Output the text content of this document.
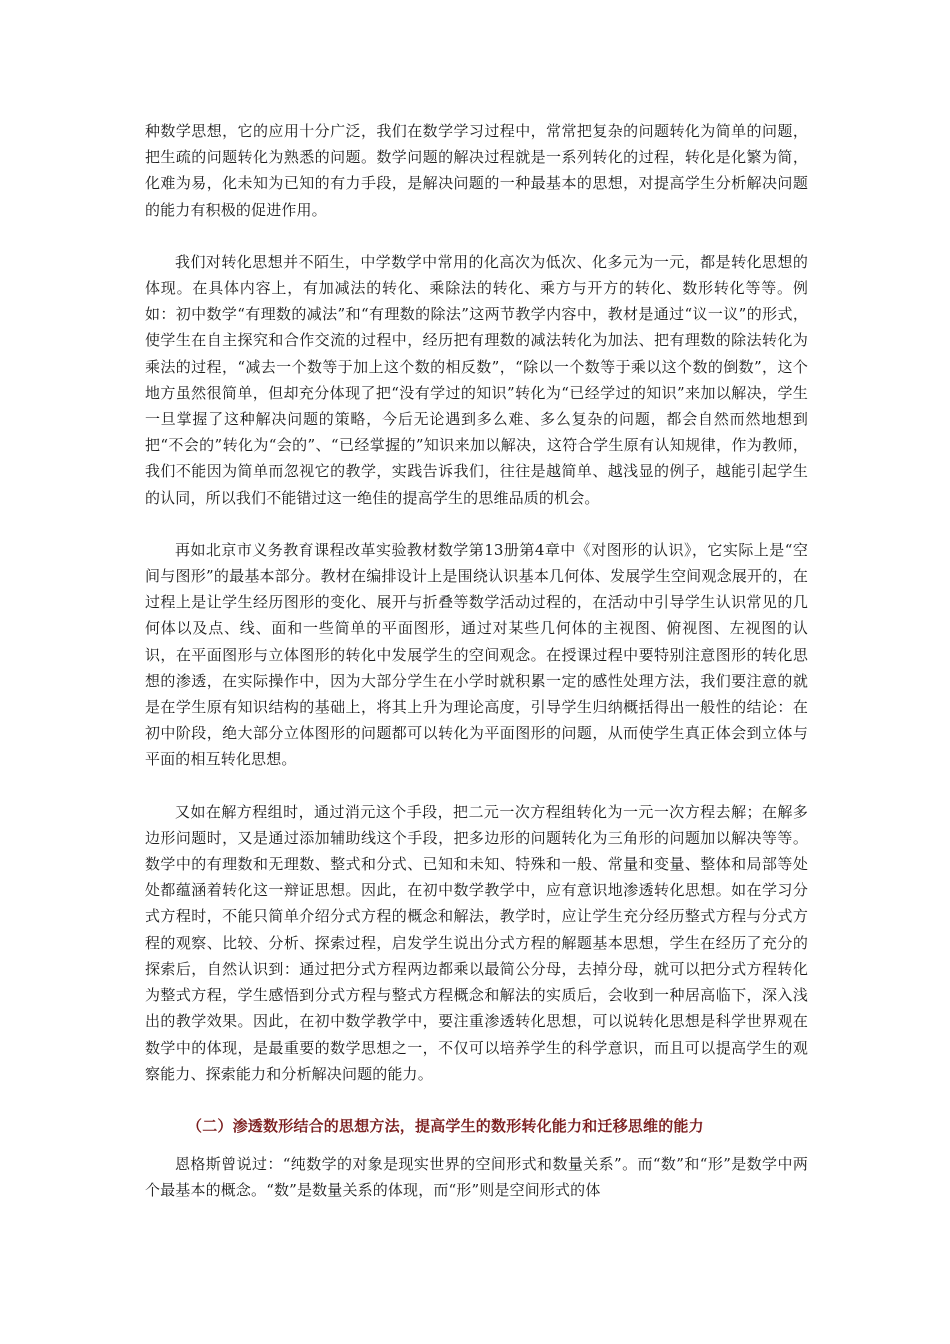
种数学思想，它的应用十分广泛，我们在数学学习过程中，常常把复杂的问题转化为简单的问题，把生疏的问题转化为熟悉的问题。数学问题的解决过程就是一系列转化的过程，转化是化繁为简，化难为易，化未知为已知的有力手段，是解决问题的一种最基本的思想，对提高学生分析解决问题的能力有积极的促进作用。

我们对转化思想并不陌生，中学数学中常用的化高次为低次、化多元为一元，都是转化思想的体现。在具体内容上，有加减法的转化、乘除法的转化、乘方与开方的转化、数形转化等等。例如：初中数学“有理数的减法”和“有理数的除法”这两节教学内容中，教材是通过“议一议”的形式，使学生在自主探究和合作交流的过程中，经历把有理数的减法转化为加法、把有理数的除法转化为乘法的过程，“减去一个数等于加上这个数的相反数”，“除以一个数等于乘以这个数的倒数”，这个地方虽然很简单，但却充分体现了把“没有学过的知识”转化为“已经学过的知识”来加以解决，学生一旦掌握了这种解决问题的策略，今后无论遇到多么难、多么复杂的问题，都会自然而然地想到把“不会的”转化为“会的”、“已经掌握的”知识来加以解决，这符合学生原有认知规律，作为教师，我们不能因为简单而忽视它的教学，实践告诉我们，往往是越简单、越浅显的例子，越能引起学生的认同，所以我们不能错过这一绝佳的提高学生的思维品质的机会。

再如北京市义务教育课程改革实验教材数学第13册第4章中《对图形的认识》，它实际上是“空间与图形”的最基本部分。教材在编排设计上是围绕认识基本几何体、发展学生空间观念展开的，在过程上是让学生经历图形的变化、展开与折叠等数学活动过程的，在活动中引导学生认识常见的几何体以及点、线、面和一些简单的平面图形，通过对某些几何体的主视图、俯视图、左视图的认识，在平面图形与立体图形的转化中发展学生的空间观念。在授课过程中要特别注意图形的转化思想的渗透，在实际操作中，因为大部分学生在小学时就积累一定的感性处理方法，我们要注意的就是在学生原有知识结构的基础上，将其上升为理论高度，引导学生归纳概括得出一般性的结论：在初中阶段，绝大部分立体图形的问题都可以转化为平面图形的问题，从而使学生真正体会到立体与平面的相互转化思想。

又如在解方程组时，通过消元这个手段，把二元一次方程组转化为一元一次方程去解；在解多边形问题时，又是通过添加辅助线这个手段，把多边形的问题转化为三角形的问题加以解决等等。数学中的有理数和无理数、整式和分式、已知和未知、特殊和一般、常量和变量、整体和局部等处处都蕴涵着转化这一辩证思想。因此，在初中数学教学中，应有意识地渗透转化思想。如在学习分式方程时，不能只简单介绍分式方程的概念和解法，教学时，应让学生充分经历整式方程与分式方程的观察、比较、分析、探索过程，启发学生说出分式方程的解题基本思想，学生在经历了充分的探索后，自然认识到：通过把分式方程两边都乘以最简公分母，去掉分母，就可以把分式方程转化为整式方程，学生感悟到分式方程与整式方程概念和解法的实质后，会收到一种居高临下，深入浅出的教学效果。因此，在初中数学教学中，要注重渗透转化思想，可以说转化思想是科学世界观在数学中的体现，是最重要的数学思想之一，不仅可以培养学生的科学意识，而且可以提高学生的观察能力、探索能力和分析解决问题的能力。

（二）渗透数形结合的思想方法，提高学生的数形转化能力和迁移思维的能力

恩格斯曾说过：“纯数学的对象是现实世界的空间形式和数量关系”。而“数”和“形”是数学中两个最基本的概念。“数”是数量关系的体现，而“形”则是空间形式的体
